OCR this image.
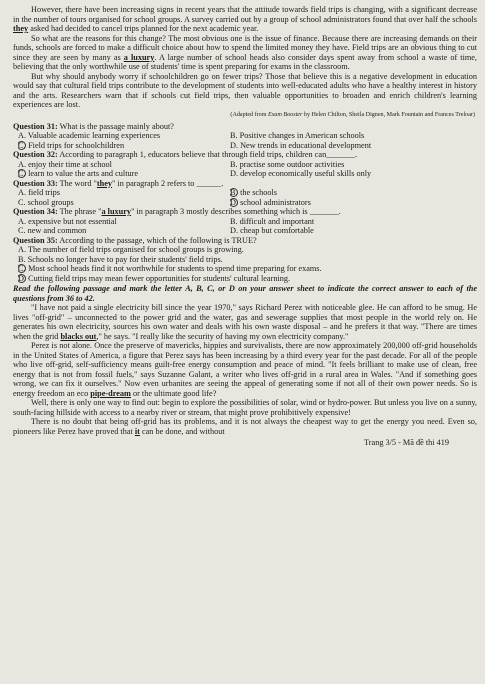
However, there have been increasing signs in recent years that the attitude towards field trips is changing, with a significant decrease in the number of tours organised for school groups. A survey carried out by a group of school administrators found that over half the schools they asked had decided to cancel trips planned for the next academic year.

So what are the reasons for this change? The most obvious one is the issue of finance. Because there are increasing demands on their funds, schools are forced to make a difficult choice about how to spend the limited money they have. Field trips are an obvious thing to cut since they are seen by many as a luxury. A large number of school heads also consider days spent away from school a waste of time, believing that the only worthwhile use of students' time is spent preparing for exams in the classroom.

But why should anybody worry if schoolchildren go on fewer trips? Those that believe this is a negative development in education would say that cultural field trips contribute to the development of students into well-educated adults who have a healthy interest in history and the arts. Researchers warn that if schools cut field trips, then valuable opportunities to broaden and enrich children's learning experiences are lost.

(Adapted from Exam Booster by Helen Chilton, Sheila Dignen, Mark Fountain and Frances Treloar)

Question 31: What is the passage mainly about?
A. Valuable academic learning experiences	B. Positive changes in American schools
C. Field trips for schoolchildren	D. New trends in educational development
Question 32: According to paragraph 1, educators believe that through field trips, children can_______.
A. enjoy their time at school	B. practise some outdoor activities
C. learn to value the arts and culture	D. develop economically useful skills only
Question 33: The word "they" in paragraph 2 refers to ______.
A. field trips	B. the schools
C. school groups	D. school administrators
Question 34: The phrase "a luxury" in paragraph 3 mostly describes something which is _______.
A. expensive but not essential	B. difficult and important
C. new and common	D. cheap but comfortable
Question 35: According to the passage, which of the following is TRUE?
A. The number of field trips organised for school groups is growing.
B. Schools no longer have to pay for their students' field trips.
C. Most school heads find it not worthwhile for students to spend time preparing for exams.
D. Cutting field trips may mean fewer opportunities for students' cultural learning.

Read the following passage and mark the letter A, B, C, or D on your answer sheet to indicate the correct answer to each of the questions from 36 to 42.

"I have not paid a single electricity bill since the year 1970," says Richard Perez with noticeable glee. He can afford to be smug. He lives "off-grid" – unconnected to the power grid and the water, gas and sewerage supplies that most people in the world rely on. He generates his own electricity, sources his own water and deals with his own waste disposal – and he prefers it that way. "There are times when the grid blacks out," he says. "I really like the security of having my own electricity company."

Perez is not alone. Once the preserve of mavericks, hippies and survivalists, there are now approximately 200,000 off-grid households in the United States of America, a figure that Perez says has been increasing by a third every year for the past decade. For all of the people who live off-grid, self-sufficiency means guilt-free energy consumption and peace of mind. "It feels brilliant to make use of clean, free energy that is not from fossil fuels," says Suzanne Galant, a writer who lives off-grid in a rural area in Wales. "And if something goes wrong, we can fix it ourselves." Now even urbanites are seeing the appeal of generating some if not all of their own power needs. So is energy freedom an eco pipe-dream or the ultimate good life?

Well, there is only one way to find out: begin to explore the possibilities of solar, wind or hydro-power. But unless you live on a sunny, south-facing hillside with access to a nearby river or stream, that might prove prohibitively expensive!

There is no doubt that being off-grid has its problems, and it is not always the cheapest way to get the energy you need. Even so, pioneers like Perez have proved that it can be done, and without

Trang 3/5 - Mã đề thi 419
